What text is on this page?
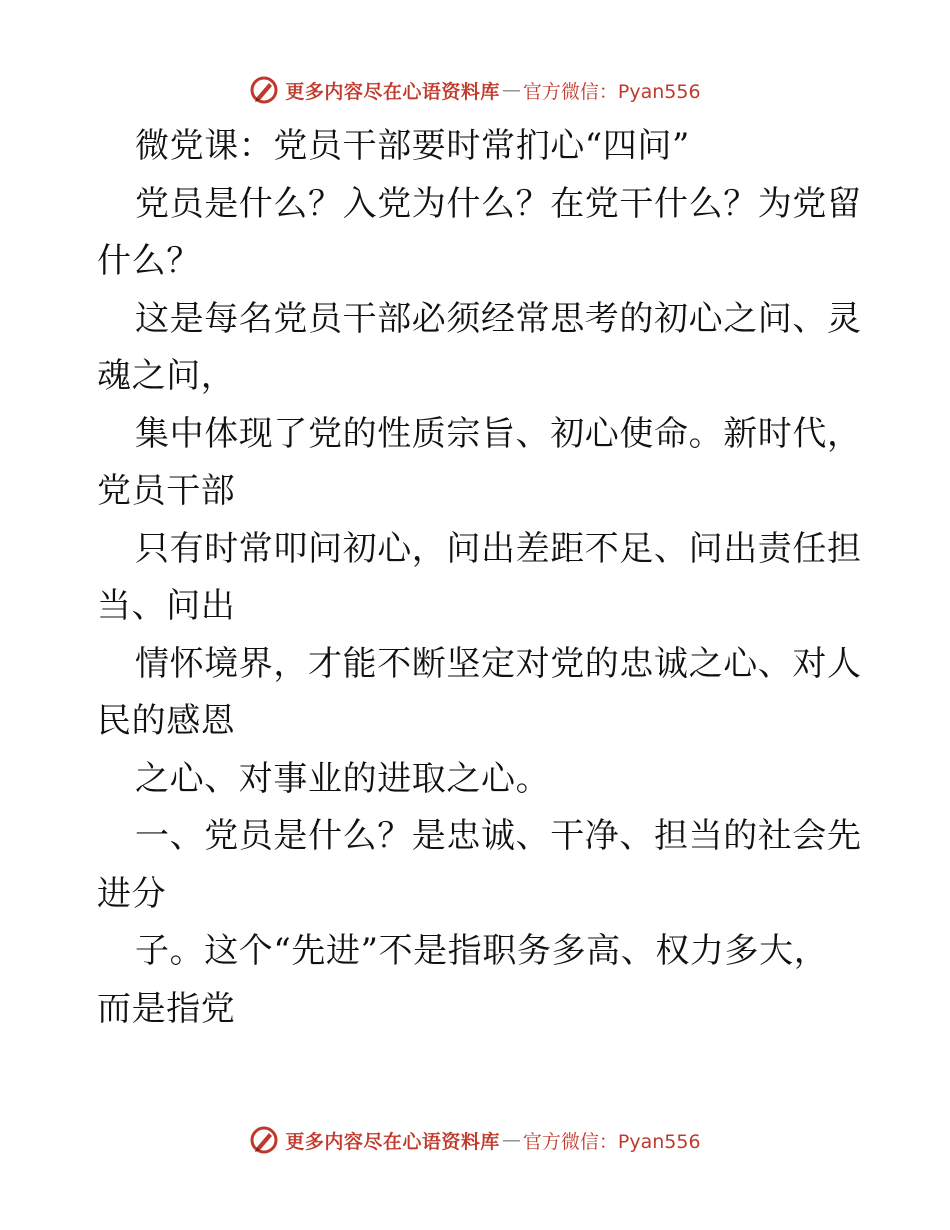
更多内容尽在心语资料库 — 官方微信：Pyan556
微党课：党员干部要时常扪心“四问”
党员是什么？入党为什么？在党干什么？为党留
什么？
这是每名党员干部必须经常思考的初心之问、灵
魂之问，
集中体现了党的性质宗旨、初心使命。新时代，
党员干部
只有时常叩问初心，问出差距不足、问出责任担
当、问出
情怀境界，才能不断坚定对党的忠诚之心、对人
民的感恩
之心、对事业的进取之心。
一、党员是什么？是忠诚、干净、担当的社会先
进分
子。这个“先进”不是指职务多高、权力多大，
而是指党
更多内容尽在心语资料库 — 官方微信：Pyan556
